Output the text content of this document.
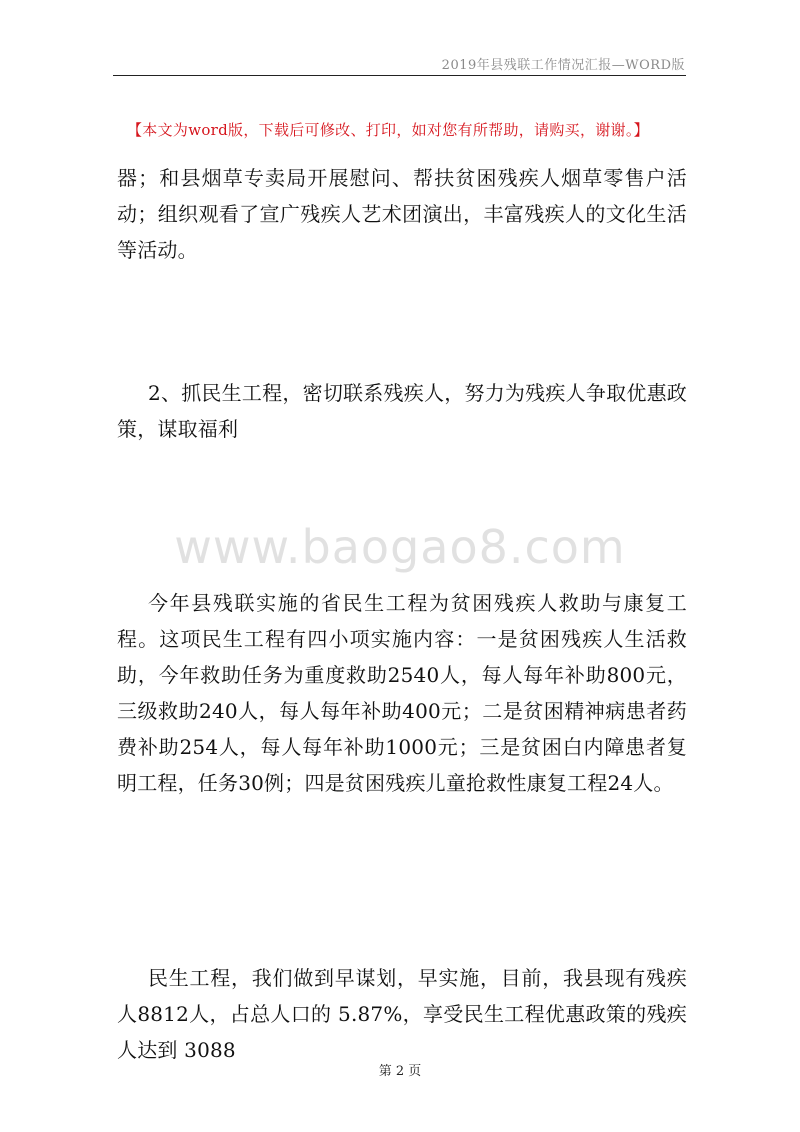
2019年县残联工作情况汇报—WORD版
【本文为word版，下载后可修改、打印，如对您有所帮助，请购买，谢谢。】

器；和县烟草专卖局开展慰问、帮扶贫困残疾人烟草零售户活动；组织观看了宣广残疾人艺术团演出，丰富残疾人的文化生活等活动。

2、抓民生工程，密切联系残疾人，努力为残疾人争取优惠政策，谋取福利

www.baogao8.com

今年县残联实施的省民生工程为贫困残疾人救助与康复工程。这项民生工程有四小项实施内容：一是贫困残疾人生活救助，今年救助任务为重度救助2540人，每人每年补助800元，三级救助240人，每人每年补助400元；二是贫困精神病患者药费补助254人，每人每年补助1000元；三是贫困白内障患者复明工程，任务30例；四是贫困残疾儿童抢救性康复工程24人。

民生工程，我们做到早谋划，早实施，目前，我县现有残疾人8812人，占总人口的 5.87%，享受民生工程优惠政策的残疾人达到 3088

第 2 页
